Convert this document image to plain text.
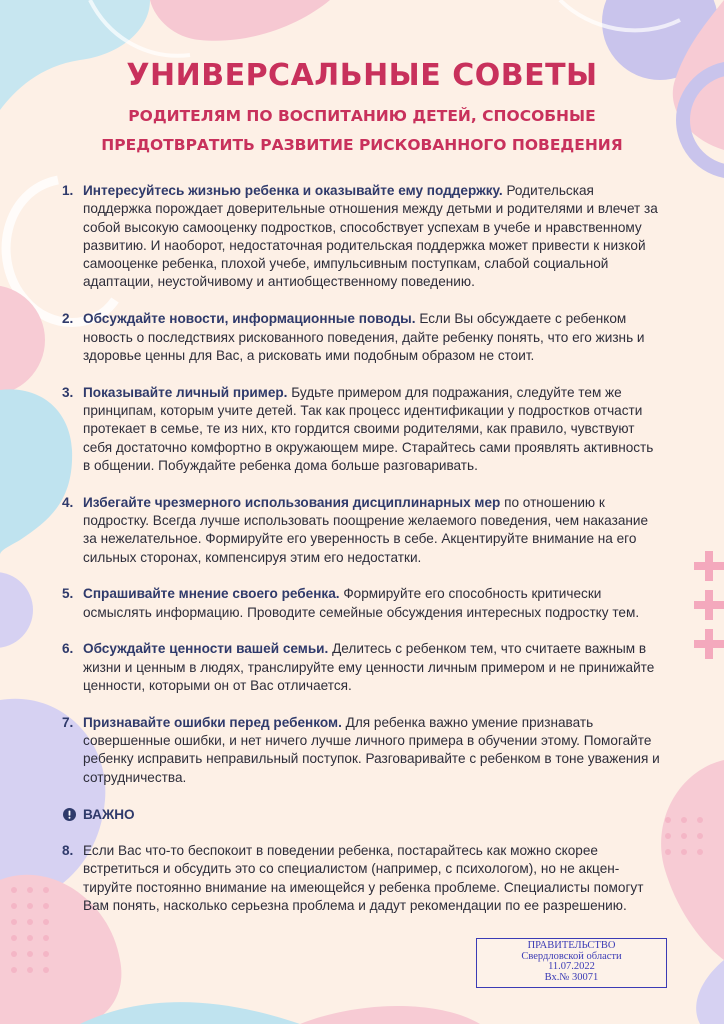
УНИВЕРСАЛЬНЫЕ СОВЕТЫ
РОДИТЕЛЯМ ПО ВОСПИТАНИЮ ДЕТЕЙ, СПОСОБНЫЕ
ПРЕДОТВРАТИТЬ РАЗВИТИЕ РИСКОВАННОГО ПОВЕДЕНИЯ
1. Интересуйтесь жизнью ребенка и оказывайте ему поддержку. Родительская поддержка порождает доверительные отношения между детьми и родителями и влечет за собой высокую самооценку подростков, способствует успехам в учебе и нравственному развитию. И наоборот, недостаточная родительская поддержка может привести к низкой самооценке ребенка, плохой учебе, импульсивным поступкам, слабой социальной адаптации, неустойчивому и антиобщественному поведению.
2. Обсуждайте новости, информационные поводы. Если Вы обсуждаете с ребенком новость о последствиях рискованного поведения, дайте ребенку понять, что его жизнь и здоровье ценны для Вас, а рисковать ими подобным образом не стоит.
3. Показывайте личный пример. Будьте примером для подражания, следуйте тем же принципам, которым учите детей. Так как процесс идентификации у подростков отчасти протекает в семье, те из них, кто гордится своими родителями, как правило, чувствуют себя достаточно комфортно в окружающем мире. Старайтесь сами проявлять активность в общении. Побуждайте ребенка дома больше разговаривать.
4. Избегайте чрезмерного использования дисциплинарных мер по отношению к подростку. Всегда лучше использовать поощрение желаемого поведения, чем наказание за нежелательное. Формируйте его уверенность в себе. Акцентируйте внимание на его сильных сторонах, компенсируя этим его недостатки.
5. Спрашивайте мнение своего ребенка. Формируйте его способность критически осмыслять информацию. Проводите семейные обсуждения интересных подростку тем.
6. Обсуждайте ценности вашей семьи. Делитесь с ребенком тем, что считаете важным в жизни и ценным в людях, транслируйте ему ценности личным примером и не принижайте ценности, которыми он от Вас отличается.
7. Признавайте ошибки перед ребенком. Для ребенка важно умение признавать совершенные ошибки, и нет ничего лучше личного примера в обучении этому. Помогайте ребенку исправить неправильный поступок. Разговаривайте с ребенком в тоне уважения и сотрудничества.
ВАЖНО
8. Если Вас что-то беспокоит в поведении ребенка, постарайтесь как можно скорее встретиться и обсудить это со специалистом (например, с психологом), но не акцен-тируйте постоянно внимание на имеющейся у ребенка проблеме. Специалисты помогут Вам понять, насколько серьезна проблема и дадут рекомендации по ее разрешению.
ПРАВИТЕЛЬСТВО
Свердловской области
11.07.2022
Вх.№ 30071
